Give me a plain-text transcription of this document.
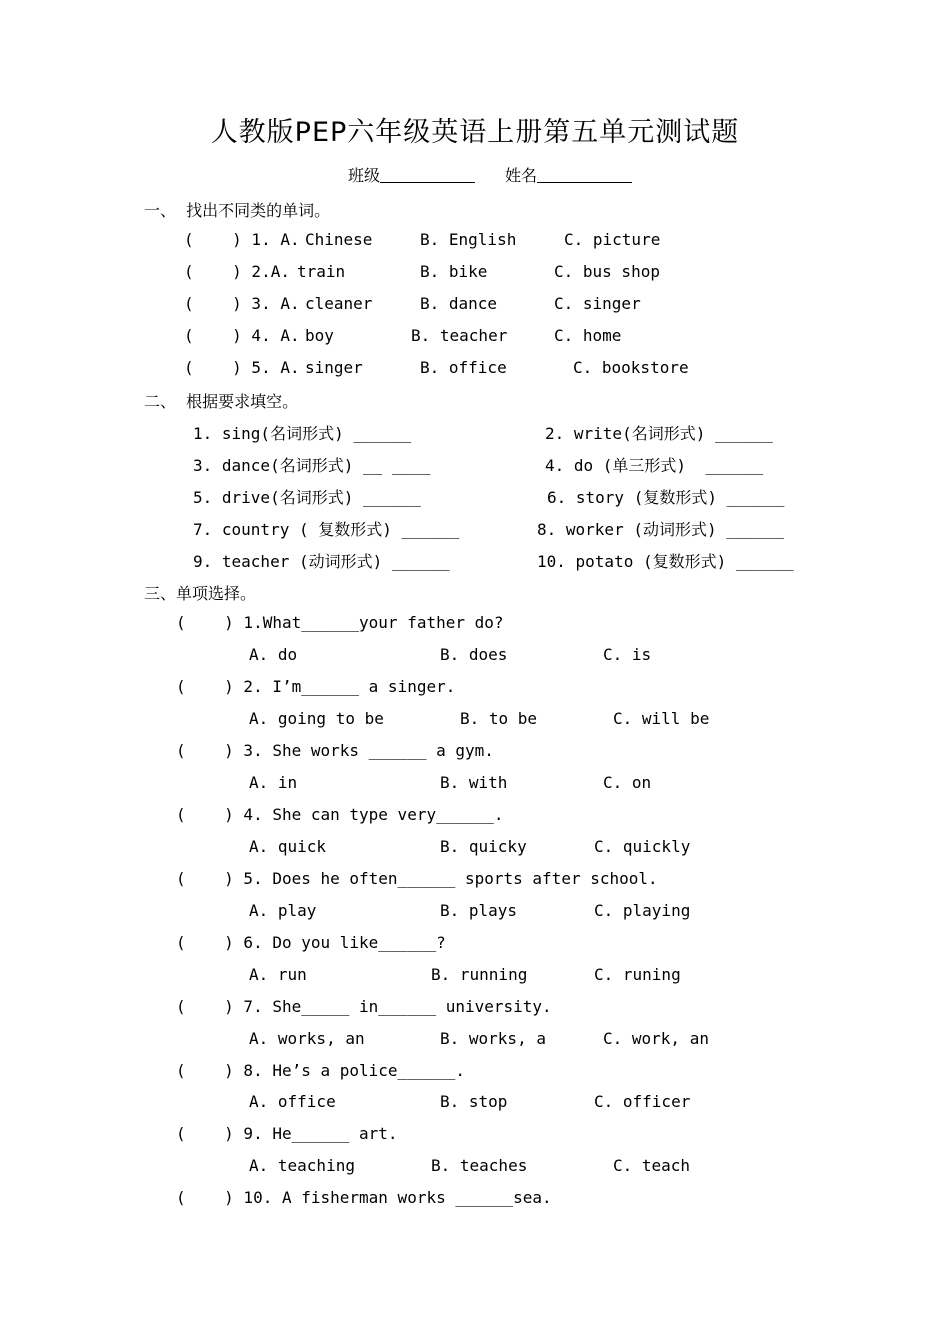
人教版PEP六年级英语上册第五单元测试题
班级	姓名
一、  找出不同类的单词。
(    ) 1. A. Chinese	B. English	C. picture
(    ) 2.A. train	B. bike	C. bus shop
(    ) 3. A. cleaner	B. dance	C. singer
(    ) 4. A. boy	B. teacher	C. home
(    ) 5. A. singer	B. office	C. bookstore
二、  根据要求填空。
1. sing(名词形式) ______	2. write(名词形式) ______
3. dance(名词形式) __ ____	4. do (单三形式)  ______
5. drive(名词形式) ______	6. story (复数形式) ______
7. country ( 复数形式) ______	8. worker (动词形式) ______
9. teacher (动词形式) ______	10. potato (复数形式) ______
三、单项选择。
(    ) 1.What______your father do?
A. do	B. does	C. is
(    ) 2. I’m______ a singer.
A. going to be	B. to be	C. will be
(    ) 3. She works ______ a gym.
A. in	B. with	C. on
(    ) 4. She can type very______.
A. quick	B. quicky	C. quickly
(    ) 5. Does he often______ sports after school.
A. play	B. plays	C. playing
(    ) 6. Do you like______?
A. run	B. running	C. runing
(    ) 7. She_____ in______ university.
A. works, an	B. works, a	C. work, an
(    ) 8. He’s a police______.
A. office	B. stop	C. officer
(    ) 9. He______ art.
A. teaching	B. teaches	C. teach
(    ) 10. A fisherman works ______sea.
